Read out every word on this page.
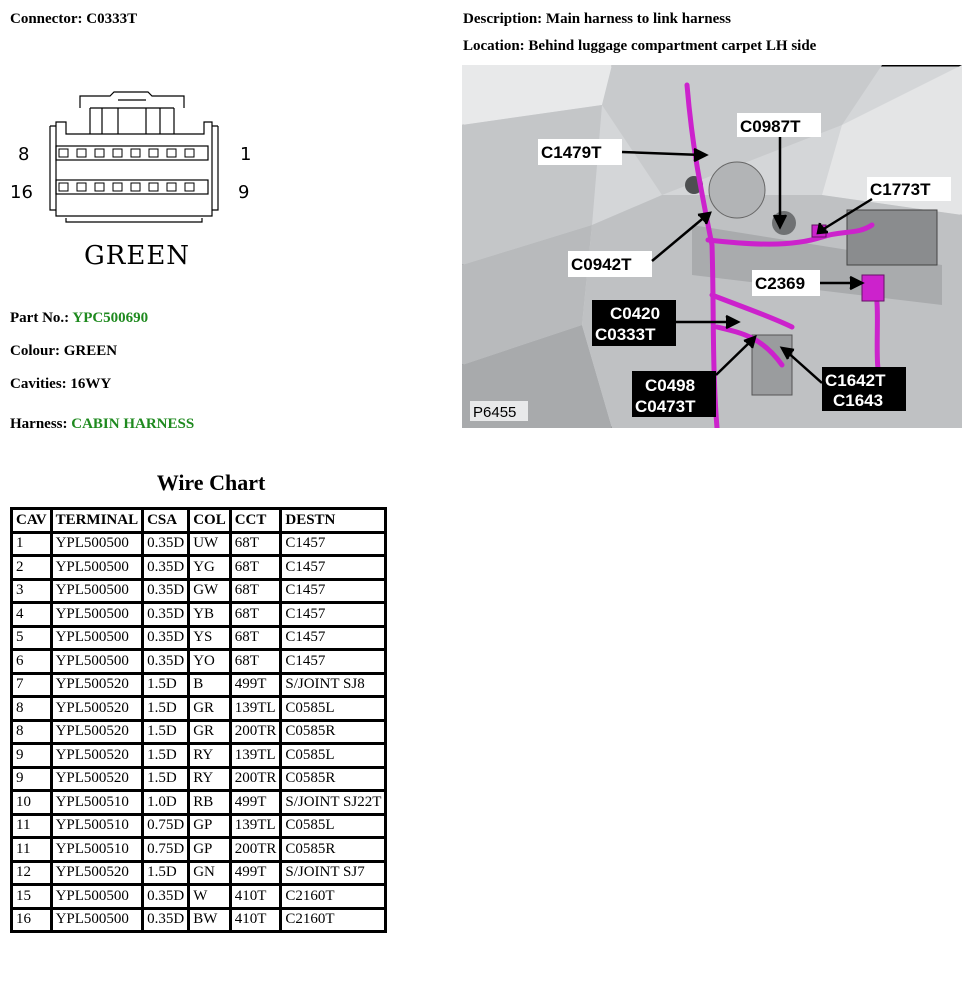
Connector: C0333T	Description: Main harness to link harness
Location: Behind luggage compartment carpet LH side
8	1
16	9
GREEN
Part No.: YPC500690
Colour: GREEN
Cavities: 16WY
Harness: CABIN HARNESS
C0987T
C1479T
C1773T
C0942T
C2369
C0420
C0333T
C0498
C0473T
C1642T
C1643
P6455
Wire Chart
CAV	TERMINAL	CSA	COL	CCT	DESTN
1	YPL500500	0.35D	UW	68T	C1457
2	YPL500500	0.35D	YG	68T	C1457
3	YPL500500	0.35D	GW	68T	C1457
4	YPL500500	0.35D	YB	68T	C1457
5	YPL500500	0.35D	YS	68T	C1457
6	YPL500500	0.35D	YO	68T	C1457
7	YPL500520	1.5D	B	499T	S/JOINT SJ8
8	YPL500520	1.5D	GR	139TL	C0585L
8	YPL500520	1.5D	GR	200TR	C0585R
9	YPL500520	1.5D	RY	139TL	C0585L
9	YPL500520	1.5D	RY	200TR	C0585R
10	YPL500510	1.0D	RB	499T	S/JOINT SJ22T
11	YPL500510	0.75D	GP	139TL	C0585L
11	YPL500510	0.75D	GP	200TR	C0585R
12	YPL500520	1.5D	GN	499T	S/JOINT SJ7
15	YPL500500	0.35D	W	410T	C2160T
16	YPL500500	0.35D	BW	410T	C2160T
